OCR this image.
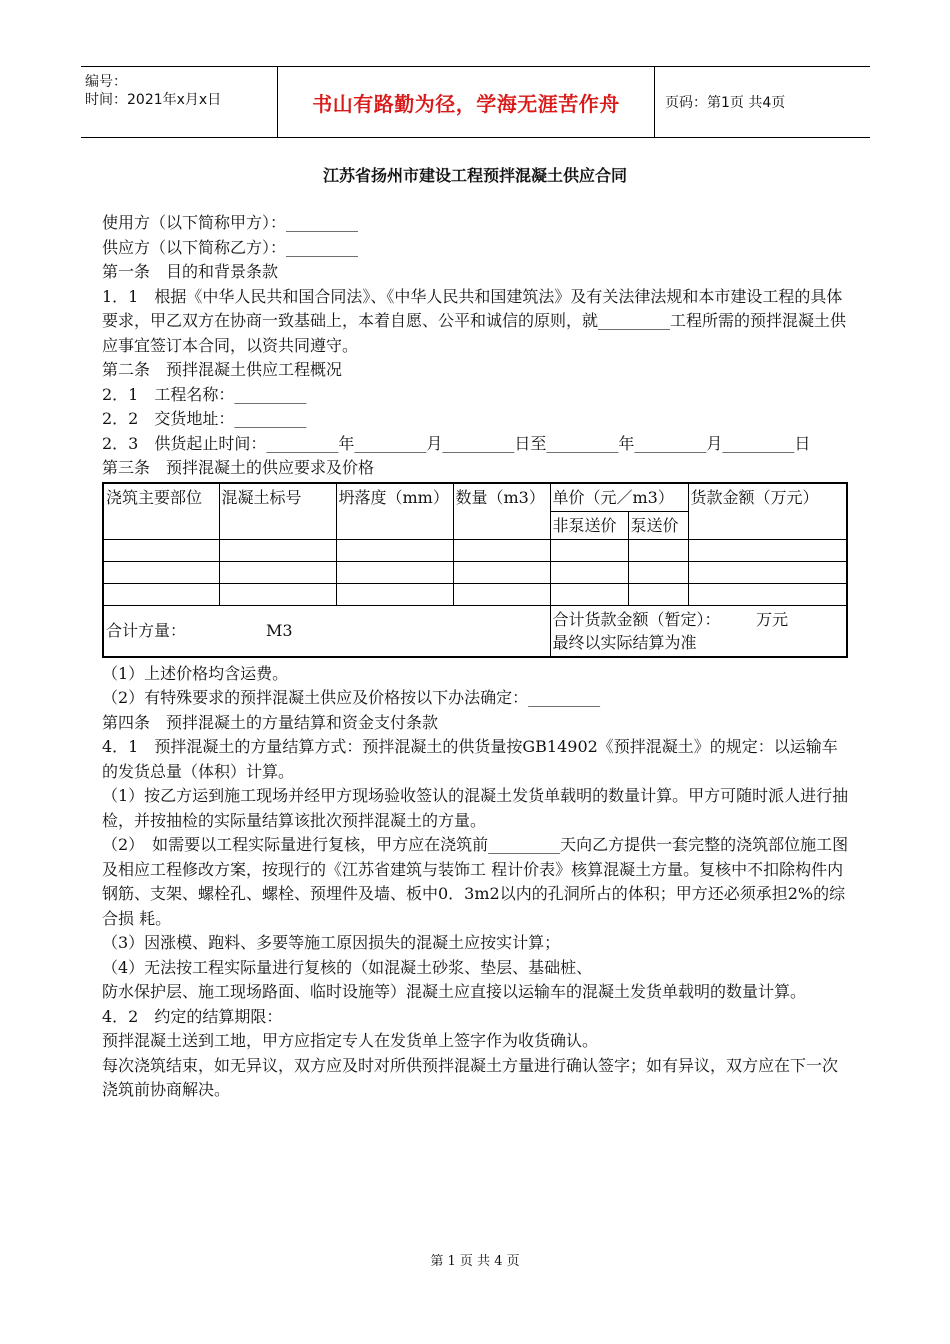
编号：
时间：2021年x月x日	书山有路勤为径，学海无涯苦作舟	页码：第1页 共4页
江苏省扬州市建设工程预拌混凝土供应合同

使用方（以下简称甲方）：_________

供应方（以下简称乙方）：_________

第一条　目的和背景条款

1．1　根据《中华人民共和国合同法》、《中华人民共和国建筑法》及有关法律法规和本市建设工程的具体要求，甲乙双方在协商一致基础上，本着自愿、公平和诚信的原则，就_________工程所需的预拌混凝土供应事宜签订本合同，以资共同遵守。

第二条　预拌混凝土供应工程概况

2．1　工程名称：_________

2．2　交货地址：_________

2．3　供货起止时间：_________年_________月_________日至_________年_________月_________日

第三条　预拌混凝土的供应要求及价格

浇筑主要部位	混凝土标号	坍落度（mm）	数量（m3）	单价（元／m3）		货款金额（万元）
				非泵送价	泵送价	

合计方量： M3				合计货款金额（暂定）： 万元
最终以实际结算为准		

（1）上述价格均含运费。

（2）有特殊要求的预拌混凝土供应及价格按以下办法确定：_________

第四条　预拌混凝土的方量结算和资金支付条款

4．1　预拌混凝土的方量结算方式：预拌混凝土的供货量按GB14902《预拌混凝土》的规定：以运输车的发货总量（体积）计算。

（1）按乙方运到施工现场并经甲方现场验收签认的混凝土发货单载明的数量计算。甲方可随时派人进行抽检，并按抽检的实际量结算该批次预拌混凝土的方量。

（2）　如需要以工程实际量进行复核，甲方应在浇筑前_________天向乙方提供一套完整的浇筑部位施工图及相应工程修改方案，按现行的《江苏省建筑与装饰工 程计价表》核算混凝土方量。复核中不扣除构件内钢筋、支架、螺栓孔、螺栓、预埋件及墙、板中0．3m2以内的孔洞所占的体积；甲方还必须承担2%的综合损 耗。

（3）因涨模、跑料、多要等施工原因损失的混凝土应按实计算；

（4）无法按工程实际量进行复核的（如混凝土砂浆、垫层、基础桩、

防水保护层、施工现场路面、临时设施等）混凝土应直接以运输车的混凝土发货单载明的数量计算。

4．2　约定的结算期限：

预拌混凝土送到工地，甲方应指定专人在发货单上签字作为收货确认。

每次浇筑结束，如无异议，双方应及时对所供预拌混凝土方量进行确认签字；如有异议，双方应在下一次浇筑前协商解决。

第 1 页 共 4 页
